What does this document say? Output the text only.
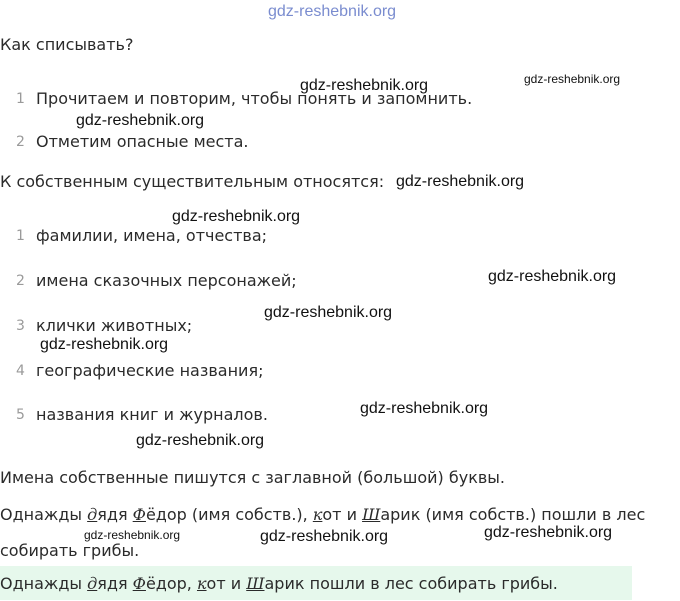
gdz-reshebnik.org
Как списывать?
1 Прочитаем и повторим, чтобы понять и запомнить.
2 Отметим опасные места.
К собственным существительным относятся:
1 фамилии, имена, отчества;
2 имена сказочных персонажей;
3 клички животных;
4 географические названия;
5 названия книг и журналов.
Имена собственные пишутся с заглавной (большой) буквы.
Однажды дядя Фёдор (имя собств.), кот и Шарик (имя собств.) пошли в лес
собирать грибы.
Однажды дядя Фёдор, кот и Шарик пошли в лес собирать грибы.
gdz-reshebnik.org	gdz-reshebnik.org
gdz-reshebnik.org
gdz-reshebnik.org
gdz-reshebnik.org
gdz-reshebnik.org
gdz-reshebnik.org
gdz-reshebnik.org
gdz-reshebnik.org
gdz-reshebnik.org
gdz-reshebnik.org	gdz-reshebnik.org	gdz-reshebnik.org
